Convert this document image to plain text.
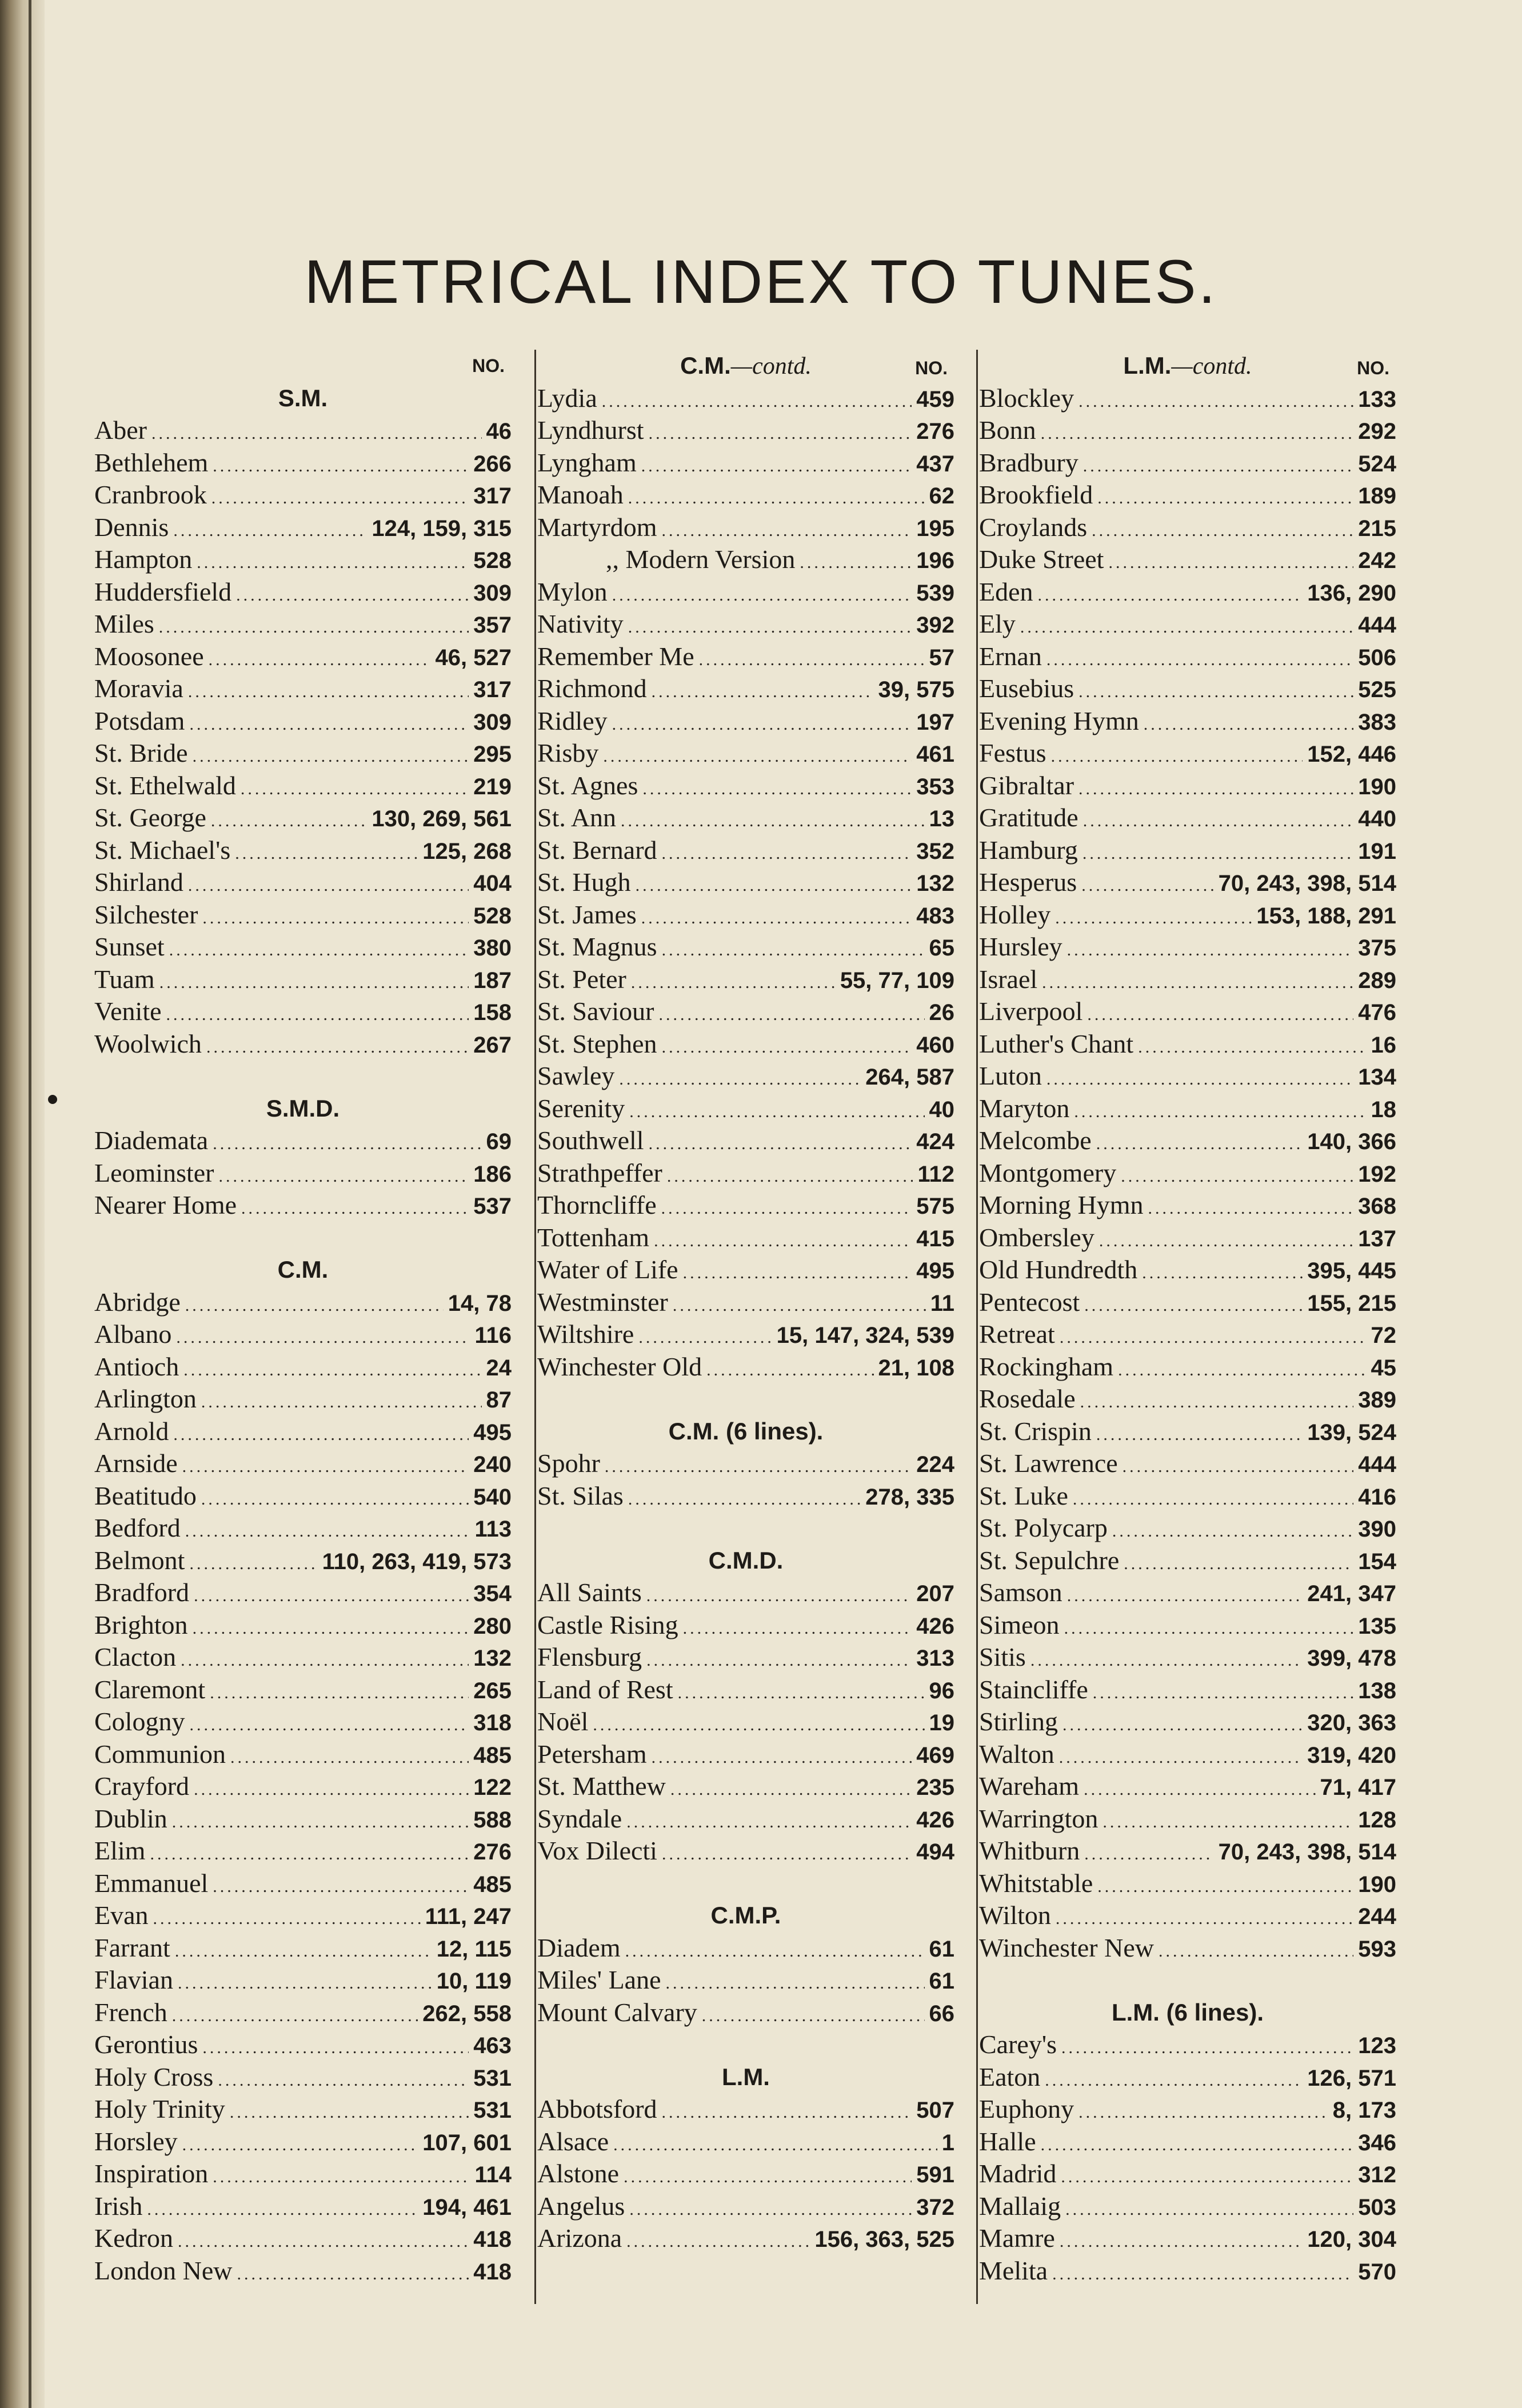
METRICAL INDEX TO TUNES.
NO.
S.M.
Aber .....	46
Bethlehem .....	266
Cranbrook .....	317
Dennis .....	124, 159, 315
Hampton .....	528
Huddersfield .....	309
Miles .....	357
Moosonee .....	46, 527
Moravia .....	317
Potsdam .....	309
St. Bride .....	295
St. Ethelwald .....	219
St. George .....	130, 269, 561
St. Michael's .....	125, 268
Shirland .....	404
Silchester .....	528
Sunset .....	380
Tuam .....	187
Venite .....	158
Woolwich .....	267
S.M.D.
Diademata .....	69
Leominster .....	186
Nearer Home .....	537
C.M.
Abridge .....	14, 78
Albano .....	116
Antioch .....	24
Arlington .....	87
Arnold .....	495
Arnside .....	240
Beatitudo .....	540
Bedford .....	113
Belmont .....	110, 263, 419, 573
Bradford .....	354
Brighton .....	280
Clacton .....	132
Claremont .....	265
Cologny .....	318
Communion .....	485
Crayford .....	122
Dublin .....	588
Elim .....	276
Emmanuel .....	485
Evan .....	111, 247
Farrant .....	12, 115
Flavian .....	10, 119
French .....	262, 558
Gerontius .....	463
Holy Cross .....	531
Holy Trinity .....	531
Horsley .....	107, 601
Inspiration .....	114
Irish .....	194, 461
Kedron .....	418
London New .....	418
C.M.—contd.	NO.
Lydia .....	459
Lyndhurst .....	276
Lyngham .....	437
Manoah .....	62
Martyrdom .....	195
,, Modern Version .....	196
Mylon .....	539
Nativity .....	392
Remember Me .....	57
Richmond .....	39, 575
Ridley .....	197
Risby .....	461
St. Agnes .....	353
St. Ann .....	13
St. Bernard .....	352
St. Hugh .....	132
St. James .....	483
St. Magnus .....	65
St. Peter .....	55, 77, 109
St. Saviour .....	26
St. Stephen .....	460
Sawley .....	264, 587
Serenity .....	40
Southwell .....	424
Strathpeffer .....	112
Thorncliffe .....	575
Tottenham .....	415
Water of Life .....	495
Westminster .....	11
Wiltshire .....	15, 147, 324, 539
Winchester Old .....	21, 108
C.M. (6 lines).
Spohr .....	224
St. Silas .....	278, 335
C.M.D.
All Saints .....	207
Castle Rising .....	426
Flensburg .....	313
Land of Rest .....	96
Noël .....	19
Petersham .....	469
St. Matthew .....	235
Syndale .....	426
Vox Dilecti .....	494
C.M.P.
Diadem .....	61
Miles' Lane .....	61
Mount Calvary .....	66
L.M.
Abbotsford .....	507
Alsace .....	1
Alstone .....	591
Angelus .....	372
Arizona .....	156, 363, 525
L.M.—contd.	NO.
Blockley .....	133
Bonn .....	292
Bradbury .....	524
Brookfield .....	189
Croylands .....	215
Duke Street .....	242
Eden .....	136, 290
Ely .....	444
Ernan .....	506
Eusebius .....	525
Evening Hymn .....	383
Festus .....	152, 446
Gibraltar .....	190
Gratitude .....	440
Hamburg .....	191
Hesperus .....	70, 243, 398, 514
Holley .....	153, 188, 291
Hursley .....	375
Israel .....	289
Liverpool .....	476
Luther's Chant .....	16
Luton .....	134
Maryton .....	18
Melcombe .....	140, 366
Montgomery .....	192
Morning Hymn .....	368
Ombersley .....	137
Old Hundredth .....	395, 445
Pentecost .....	155, 215
Retreat .....	72
Rockingham .....	45
Rosedale .....	389
St. Crispin .....	139, 524
St. Lawrence .....	444
St. Luke .....	416
St. Polycarp .....	390
St. Sepulchre .....	154
Samson .....	241, 347
Simeon .....	135
Sitis .....	399, 478
Staincliffe .....	138
Stirling .....	320, 363
Walton .....	319, 420
Wareham .....	71, 417
Warrington .....	128
Whitburn .....	70, 243, 398, 514
Whitstable .....	190
Wilton .....	244
Winchester New .....	593
L.M. (6 lines).
Carey's .....	123
Eaton .....	126, 571
Euphony .....	8, 173
Halle .....	346
Madrid .....	312
Mallaig .....	503
Mamre .....	120, 304
Melita .....	570
